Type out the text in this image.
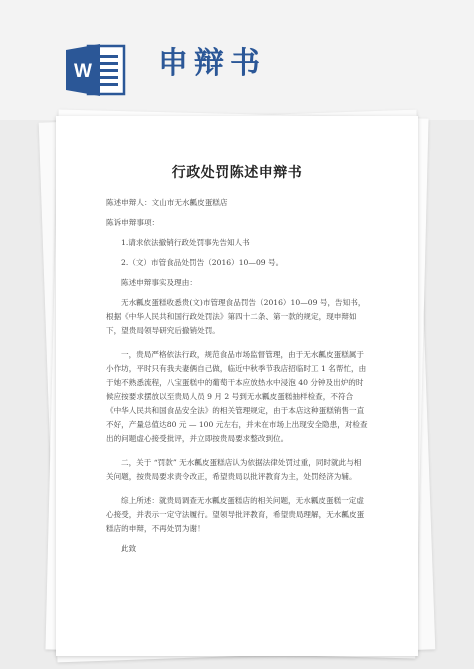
W 申辩书
行政处罚陈述申辩书

陈述申辩人：文山市无水瓤皮蛋糕店

陈诉申辩事项：

1.请求依法撤销行政处罚事先告知人书

2.（文）市管食品处罚告（2016）10—09 号。

陈述申辩事实及理由：

无水瓤皮蛋糕收悉贵(文)市管理食品罚告（2016）10—09 号，告知书，根据《中华人民共和国行政处罚法》第四十二条、第一款的规定，现申辩如下，望贵局领导研究后撤销处罚。

一，贵局严格依法行政，规范食品市场监督管理，由于无水瓤皮蛋糕属于小作坊，平时只有我夫妻俩自己做，临近中秋季节我店招临时工 1 名帮忙，由于她不熟悉流程，八宝蛋糕中的葡萄干本应放热水中浸泡 40 分钟及出炉的时候应按要求摆放以至贵局人员 9 月 2 号到无水瓤皮蛋糕抽样检查，不符合《中华人民共和国食品安全法》的相关管理规定，由于本店这种蛋糕销售一直不好，产量总值达80 元 — 100 元左右，并未在市场上出现安全隐患，对检查出的问题虚心接受批评，并立即按贵局要求整改到位。

二，关于 “罚款” 无水瓤皮蛋糕店认为依据法律处罚过重，同时就此与相关问题，按贵局要求责令改正，希望贵局以批评教育为主，处罚经济为辅。

综上所述：就贵局调查无水瓤皮蛋糕店的相关问题，无水瓤皮蛋糕一定虚心接受，并表示一定守法履行。望领导批评教育，希望贵局理解，无水瓤皮蛋糕店的申辩，不再处罚为谢！

此致
